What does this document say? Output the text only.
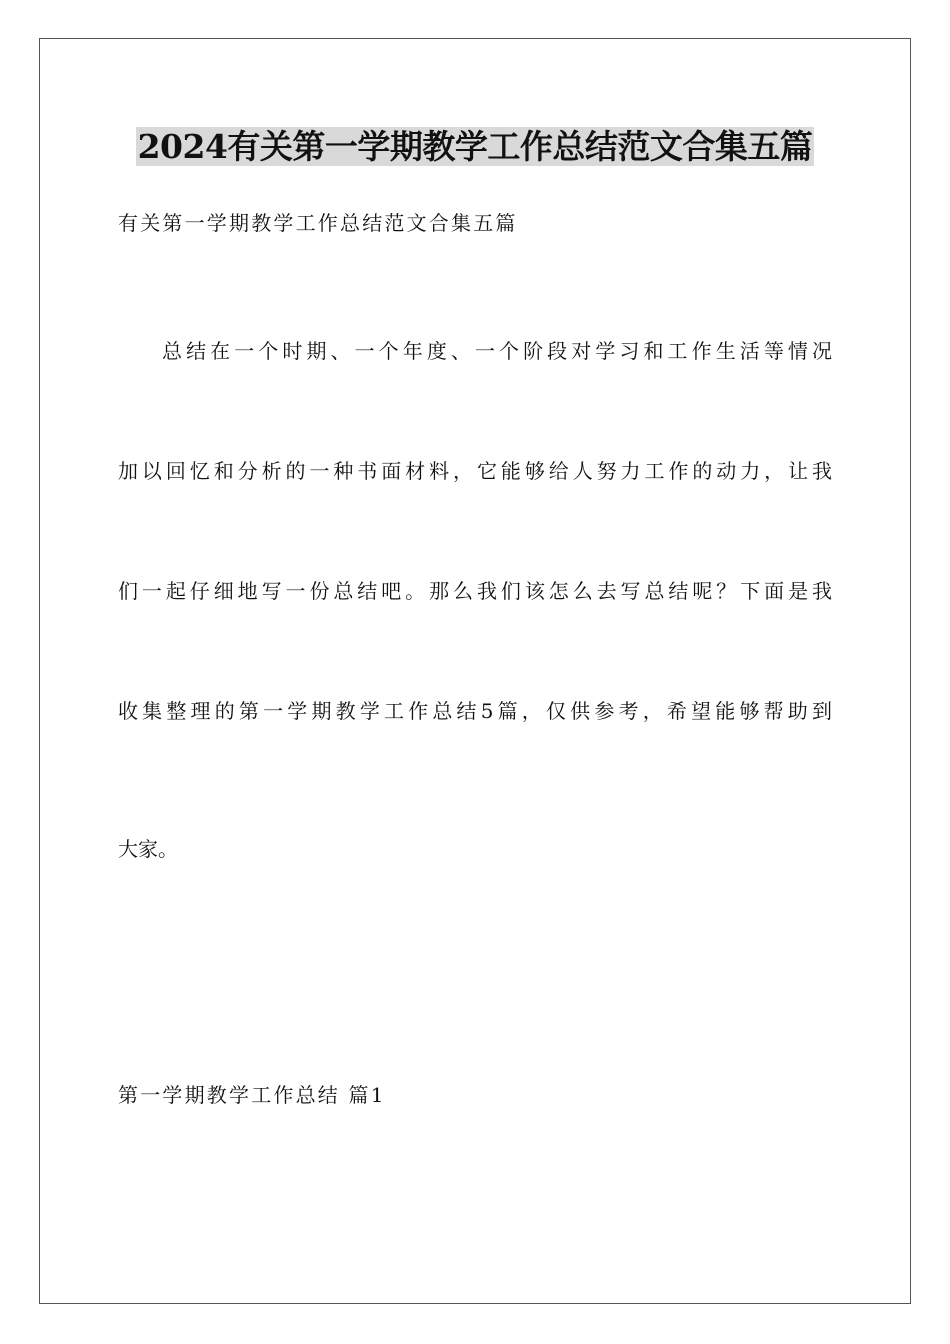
2024有关第一学期教学工作总结范文合集五篇

有关第一学期教学工作总结范文合集五篇

总结在一个时期、一个年度、一个阶段对学习和工作生活等情况

加以回忆和分析的一种书面材料，它能够给人努力工作的动力，让我

们一起仔细地写一份总结吧。那么我们该怎么去写总结呢？下面是我

收集整理的第一学期教学工作总结5篇，仅供参考，希望能够帮助到

大家。

第一学期教学工作总结 篇1
